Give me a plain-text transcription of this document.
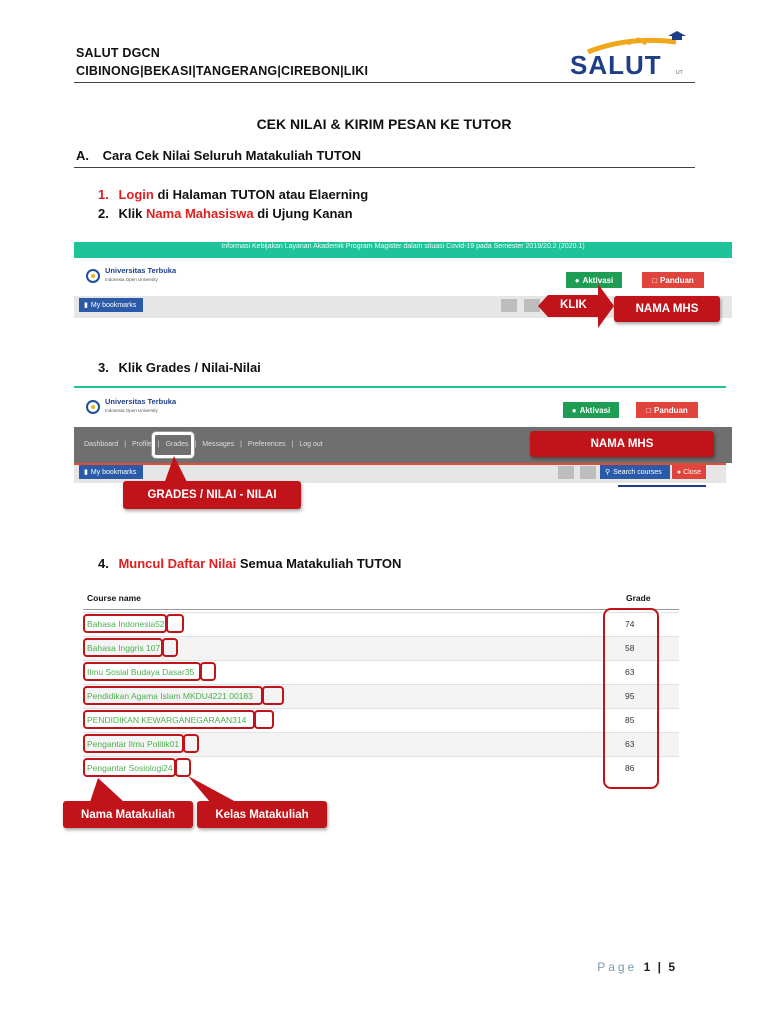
SALUT DGCN
CIBINONG|BEKASI|TANGERANG|CIREBON|LIKI	SALUT	UT
CEK NILAI & KIRIM PESAN KE TUTOR
A. Cara Cek Nilai Seluruh Matakuliah TUTON
1. Login di Halaman TUTON atau Elaerning
2. Klik Nama Mahasiswa di Ujung Kanan
Informasi Kebijakan Layanan Akademik Program Magister dalam situasi Covid-19 pada Semester 2019/20.2 (2020.1)
Universitas Terbuka
Indonesia Open University	● Aktivasi	□ Panduan
▮ My bookmarks	KLIK	NAMA MHS
3. Klik Grades / Nilai-Nilai
Universitas Terbuka
Indonesia Open University	● Aktivasi	□ Panduan
Dashboard | Profile | Grades | Messages | Preferences | Log out
▮ My bookmarks	⚲ Search courses ● Close
NAMA MHS
GRADES / NILAI - NILAI
4. Muncul Daftar Nilai Semua Matakuliah TUTON
Course name	Grade
Bahasa Indonesia52	74
Bahasa Inggris 107	58
Ilmu Sosial Budaya Dasar35	63
Pendidikan Agama Islam MKDU4221 00183	95
PENDIDIKAN KEWARGANEGARAAN314	85
Pengantar Ilmu Politik01	63
Pengantar Sosiologi24	86
Nama Matakuliah	Kelas Matakuliah
Page 1 | 5
